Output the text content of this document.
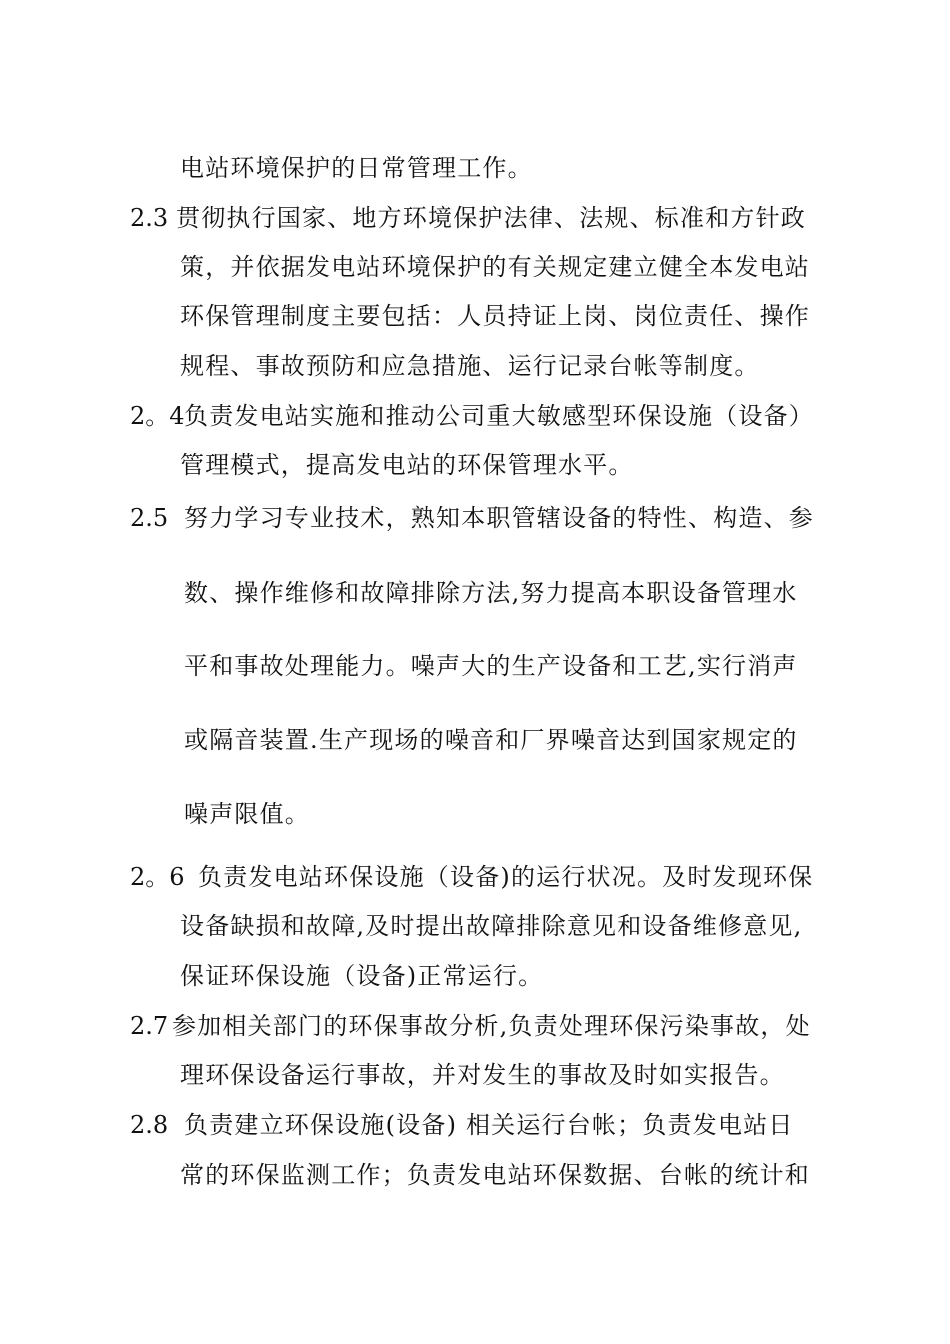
电站环境保护的日常管理工作。
2.3 贯彻执行国家、地方环境保护法律、法规、标准和方针政
策，并依据发电站环境保护的有关规定建立健全本发电站
环保管理制度主要包括：人员持证上岗、岗位责任、操作
规程、事故预防和应急措施、运行记录台帐等制度。
2。4 负责发电站实施和推动公司重大敏感型环保设施（设备）
管理模式，提高发电站的环保管理水平。
2.5 努力学习专业技术，熟知本职管辖设备的特性、构造、参
数、操作维修和故障排除方法,努力提高本职设备管理水
平和事故处理能力。噪声大的生产设备和工艺,实行消声
或隔音装置.生产现场的噪音和厂界噪音达到国家规定的
噪声限值。
2。6 负责发电站环保设施（设备)的运行状况。及时发现环保
设备缺损和故障,及时提出故障排除意见和设备维修意见,
保证环保设施（设备)正常运行。
2.7 参加相关部门的环保事故分析,负责处理环保污染事故，处
理环保设备运行事故，并对发生的事故及时如实报告。
2.8 负责建立环保设施(设备) 相关运行台帐；负责发电站日
常的环保监测工作；负责发电站环保数据、台帐的统计和
